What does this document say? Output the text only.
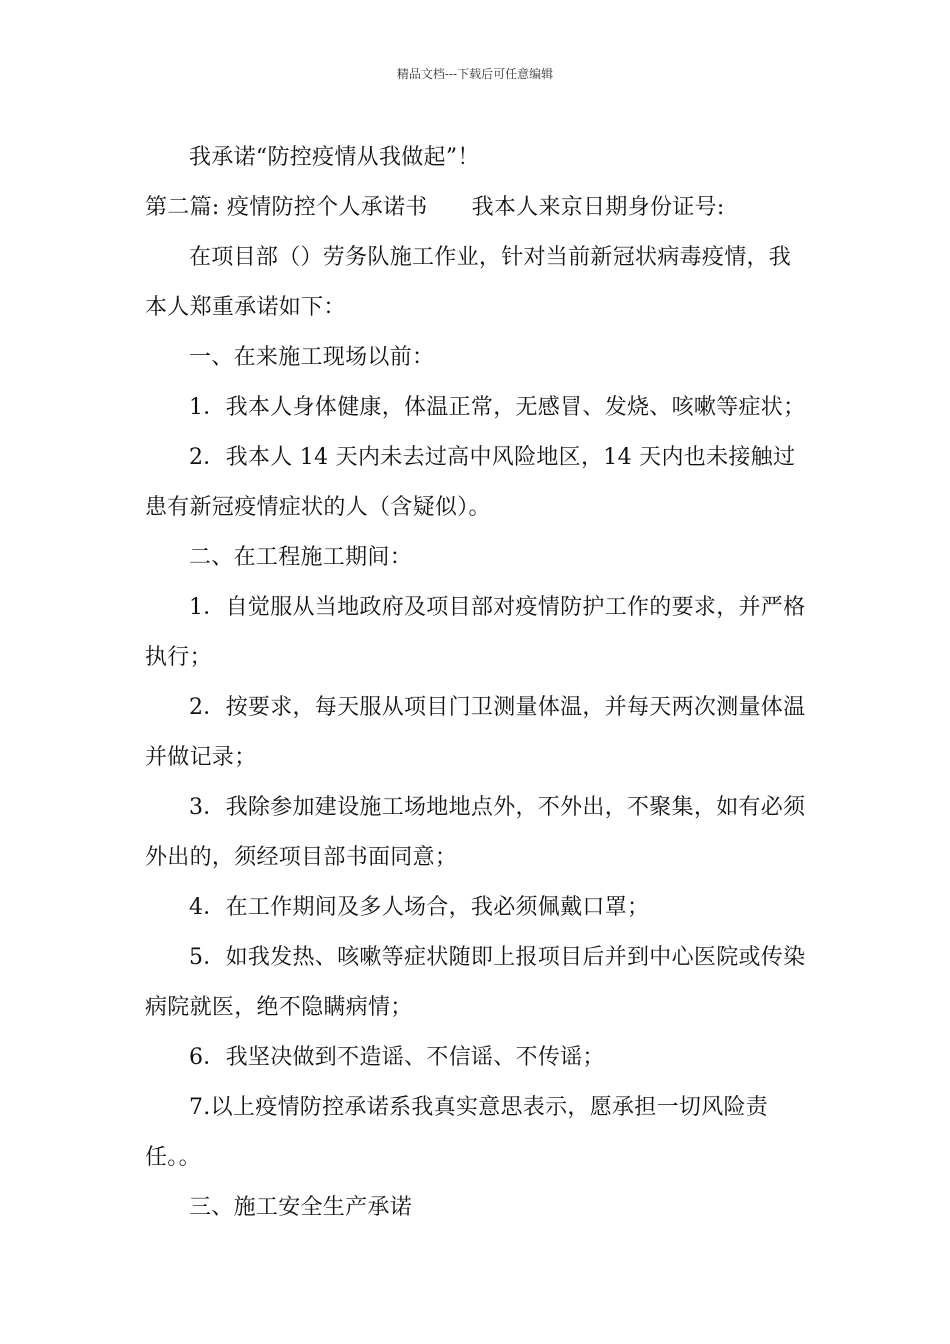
精品文档---下载后可任意编辑

我承诺“防控疫情从我做起”！

第二篇: 疫情防控个人承诺书 我本人来京日期身份证号:

在项目部（）劳务队施工作业，针对当前新冠状病毒疫情，我本人郑重承诺如下：

一、在来施工现场以前：

1．我本人身体健康，体温正常，无感冒、发烧、咳嗽等症状；

2．我本人 14 天内未去过高中风险地区，14 天内也未接触过患有新冠疫情症状的人（含疑似）。

二、在工程施工期间：

1．自觉服从当地政府及项目部对疫情防护工作的要求，并严格执行；

2．按要求，每天服从项目门卫测量体温，并每天两次测量体温并做记录；

3．我除参加建设施工场地地点外，不外出，不聚集，如有必须外出的，须经项目部书面同意；

4．在工作期间及多人场合，我必须佩戴口罩；

5．如我发热、咳嗽等症状随即上报项目后并到中心医院或传染病院就医，绝不隐瞒病情；

6．我坚决做到不造谣、不信谣、不传谣；

7.以上疫情防控承诺系我真实意思表示，愿承担一切风险责任。。

三、施工安全生产承诺
